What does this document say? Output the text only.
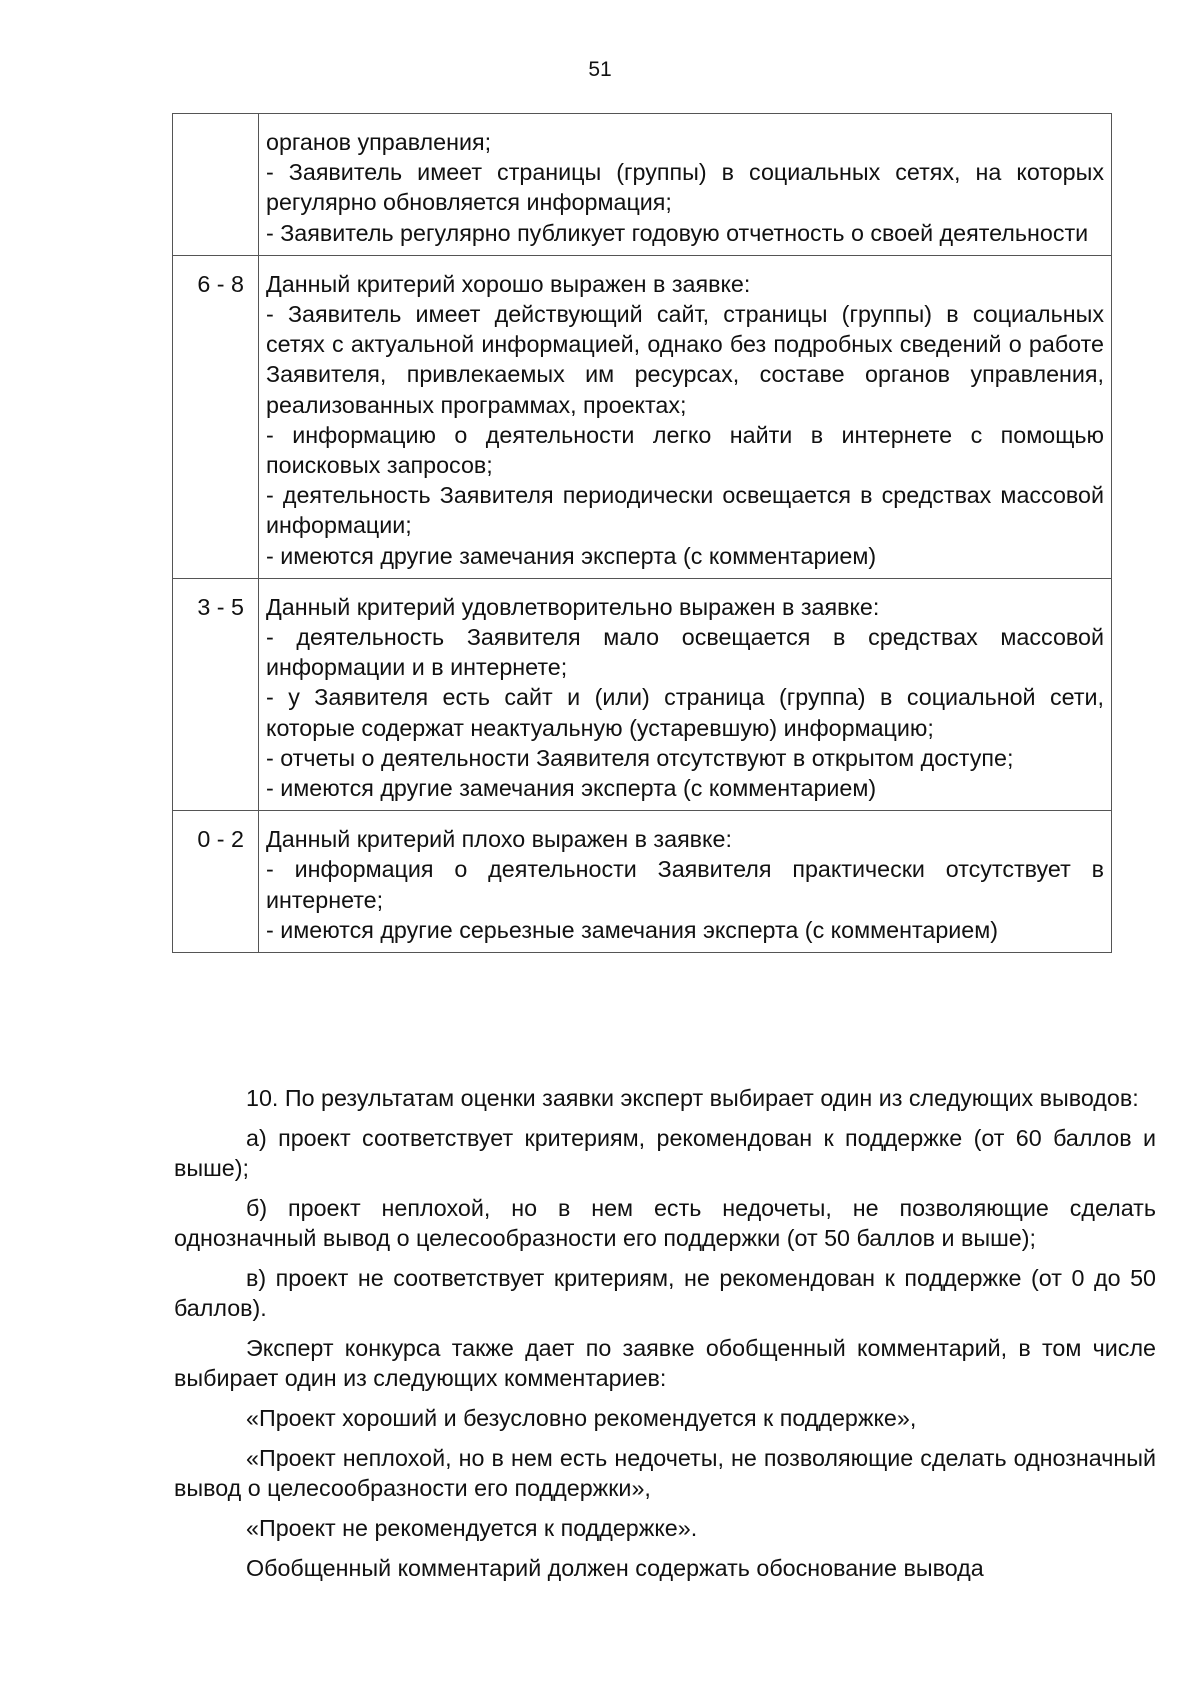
51

	органов управления;
- Заявитель имеет страницы (группы) в социальных сетях, на которых регулярно обновляется информация;
- Заявитель регулярно публикует годовую отчетность о своей деятельности

6 - 8	Данный критерий хорошо выражен в заявке:
- Заявитель имеет действующий сайт, страницы (группы) в социальных сетях с актуальной информацией, однако без подробных сведений о работе Заявителя, привлекаемых им ресурсах, составе органов управления, реализованных программах, проектах;
- информацию о деятельности легко найти в интернете с помощью поисковых запросов;
- деятельность Заявителя периодически освещается в средствах массовой информации;
- имеются другие замечания эксперта (с комментарием)

3 - 5	Данный критерий удовлетворительно выражен в заявке:
- деятельность Заявителя мало освещается в средствах массовой информации и в интернете;
- у Заявителя есть сайт и (или) страница (группа) в социальной сети, которые содержат неактуальную (устаревшую) информацию;
- отчеты о деятельности Заявителя отсутствуют в открытом доступе;
- имеются другие замечания эксперта (с комментарием)

0 - 2	Данный критерий плохо выражен в заявке:
- информация о деятельности Заявителя практически отсутствует в интернете;
- имеются другие серьезные замечания эксперта (с комментарием)

10. По результатам оценки заявки эксперт выбирает один из следующих выводов:

а) проект соответствует критериям, рекомендован к поддержке (от 60 баллов и выше);

б) проект неплохой, но в нем есть недочеты, не позволяющие сделать однозначный вывод о целесообразности его поддержки (от 50 баллов и выше);

в) проект не соответствует критериям, не рекомендован к поддержке (от 0 до 50 баллов).

Эксперт конкурса также дает по заявке обобщенный комментарий, в том числе выбирает один из следующих комментариев:

«Проект хороший и безусловно рекомендуется к поддержке»,

«Проект неплохой, но в нем есть недочеты, не позволяющие сделать однозначный вывод о целесообразности его поддержки»,

«Проект не рекомендуется к поддержке».

Обобщенный комментарий должен содержать обоснование вывода
